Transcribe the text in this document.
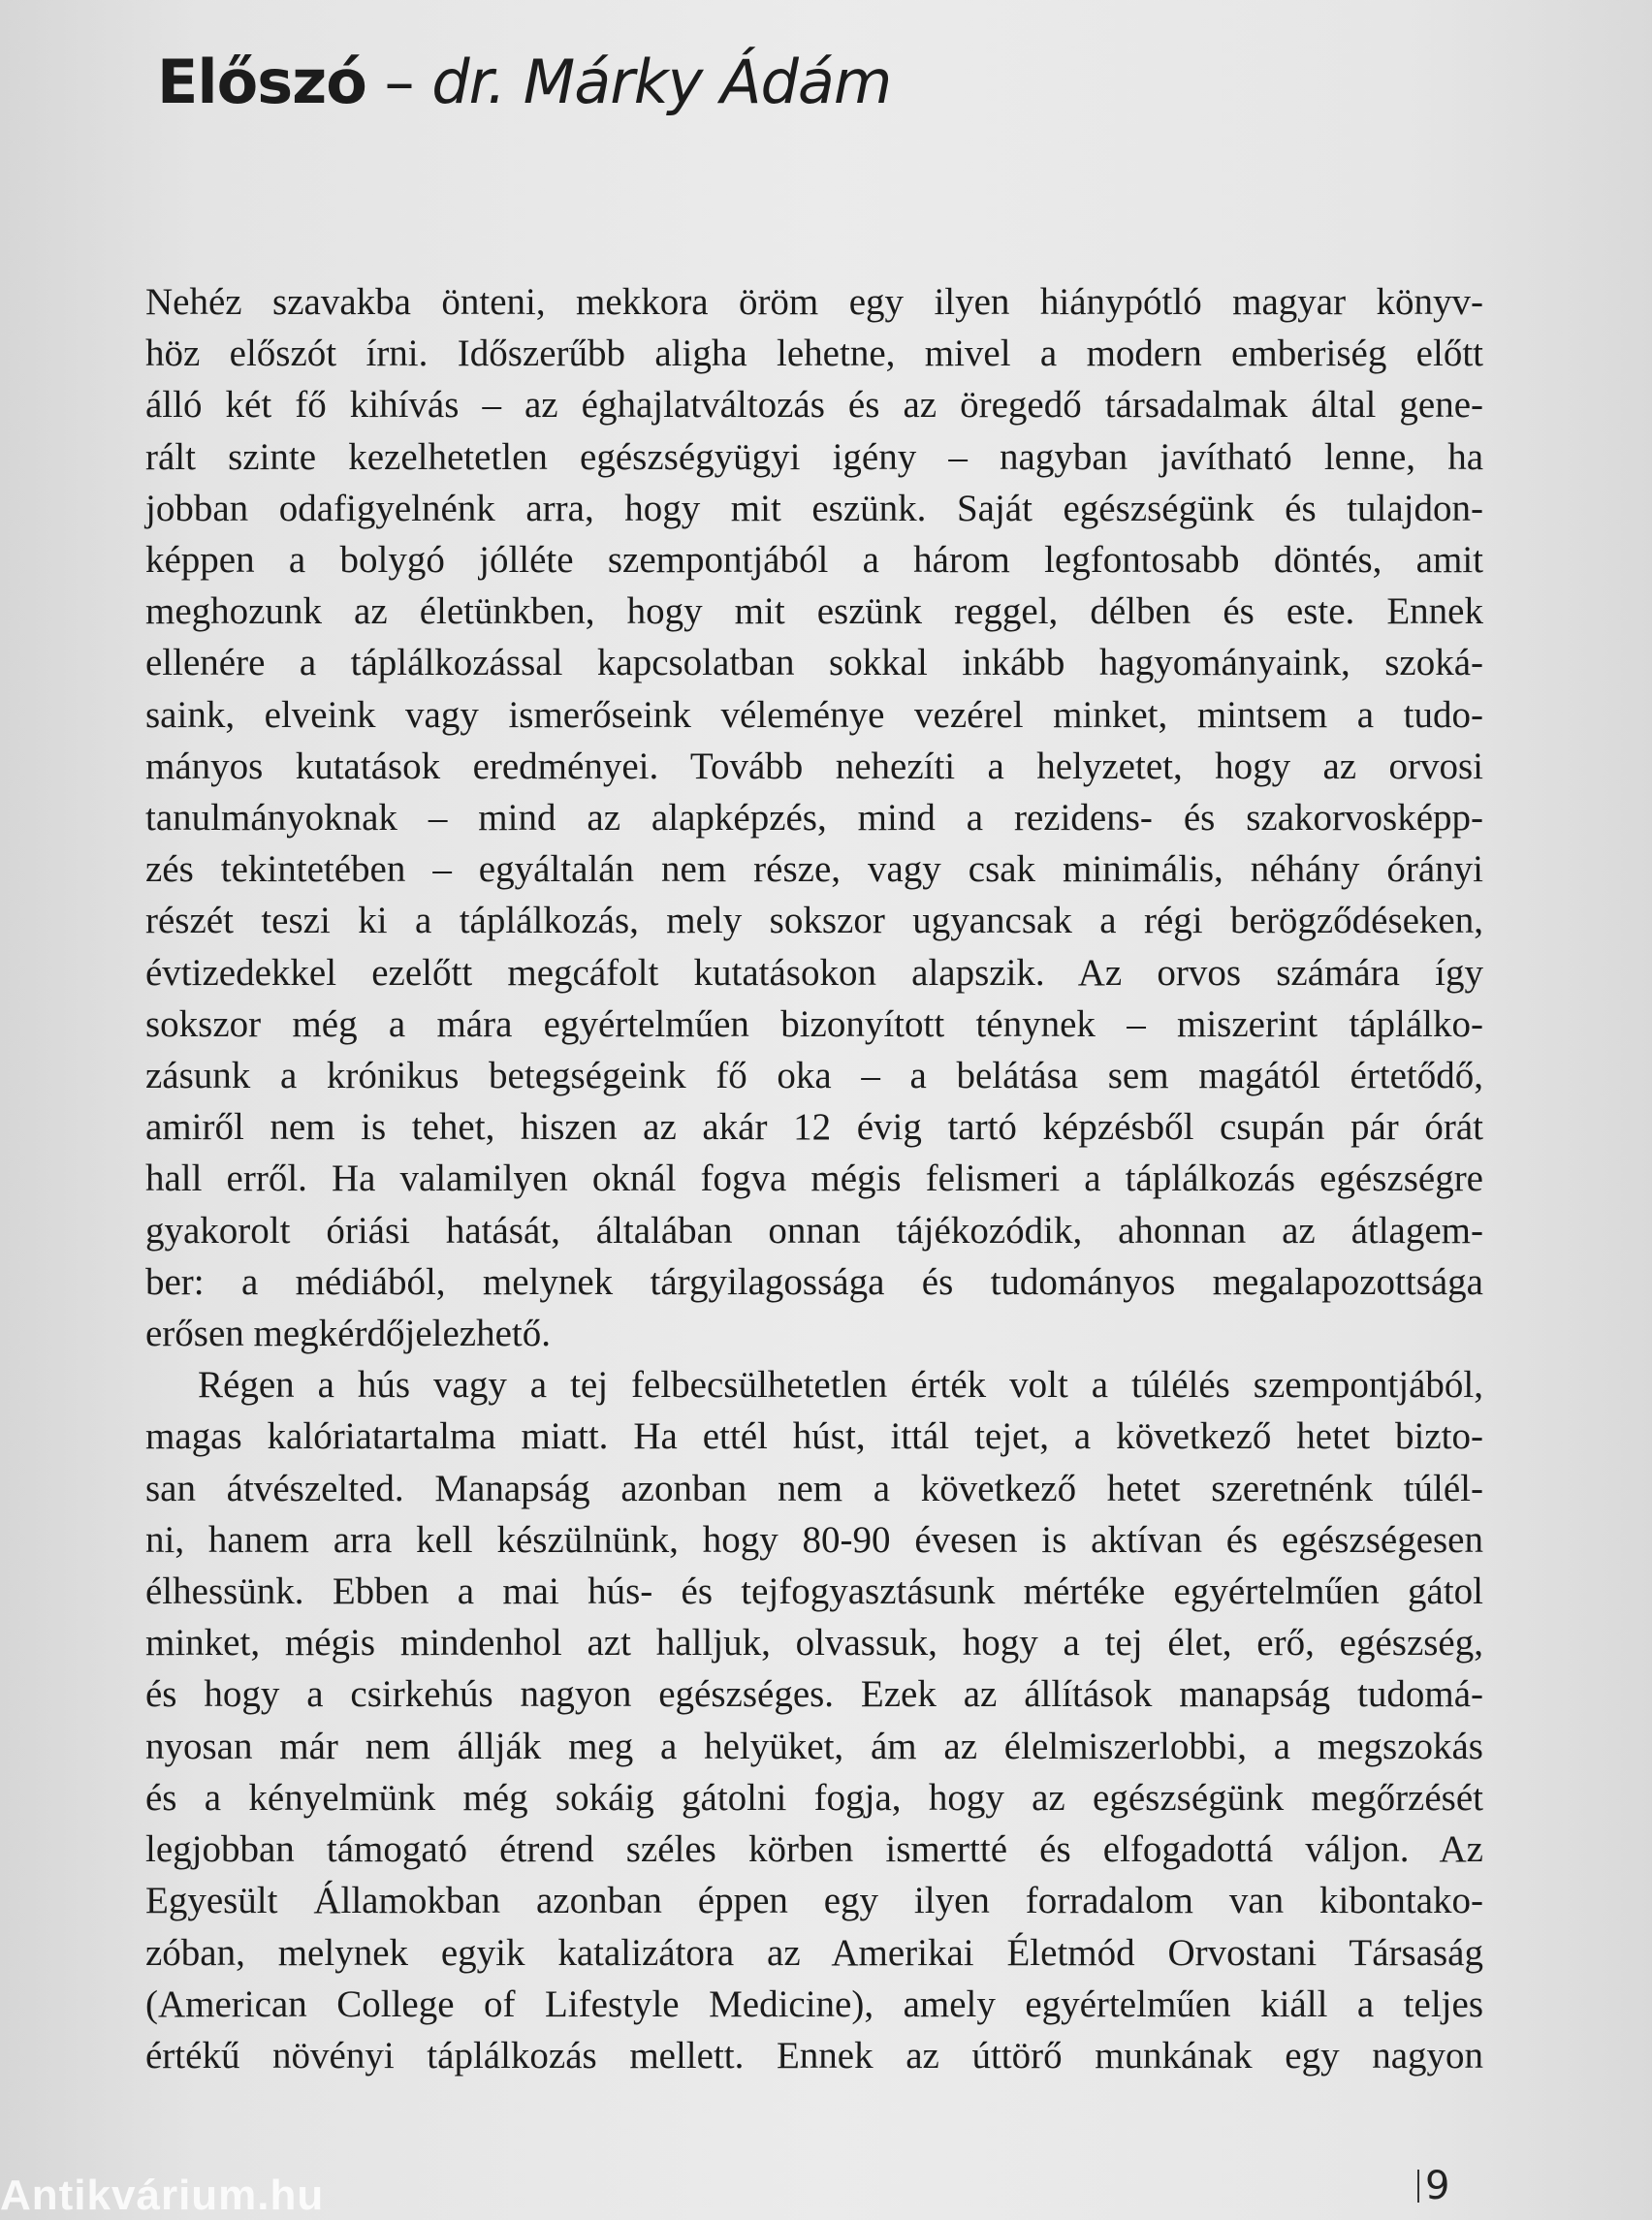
Előszó – dr. Márky Ádám
Nehéz szavakba önteni, mekkora öröm egy ilyen hiánypótló magyar könyv-
höz előszót írni. Időszerűbb aligha lehetne, mivel a modern emberiség előtt
álló két fő kihívás – az éghajlatváltozás és az öregedő társadalmak által gene-
rált szinte kezelhetetlen egészségyügyi igény – nagyban javítható lenne, ha
jobban odafigyelnénk arra, hogy mit eszünk. Saját egészségünk és tulajdon-
képpen a bolygó jólléte szempontjából a három legfontosabb döntés, amit
meghozunk az életünkben, hogy mit eszünk reggel, délben és este. Ennek
ellenére a táplálkozással kapcsolatban sokkal inkább hagyományaink, szoká-
saink, elveink vagy ismerőseink véleménye vezérel minket, mintsem a tudo-
mányos kutatások eredményei. Tovább nehezíti a helyzetet, hogy az orvosi
tanulmányoknak – mind az alapképzés, mind a rezidens- és szakorvosképp-
zés tekintetében – egyáltalán nem része, vagy csak minimális, néhány órányi
részét teszi ki a táplálkozás, mely sokszor ugyancsak a régi berögződéseken,
évtizedekkel ezelőtt megcáfolt kutatásokon alapszik. Az orvos számára így
sokszor még a mára egyértelműen bizonyított ténynek – miszerint táplálko-
zásunk a krónikus betegségeink fő oka – a belátása sem magától értetődő,
amiről nem is tehet, hiszen az akár 12 évig tartó képzésből csupán pár órát
hall erről. Ha valamilyen oknál fogva mégis felismeri a táplálkozás egészségre
gyakorolt óriási hatását, általában onnan tájékozódik, ahonnan az átlagem-
ber: a médiából, melynek tárgyilagossága és tudományos megalapozottsága
erősen megkérdőjelezhető.
Régen a hús vagy a tej felbecsülhetetlen érték volt a túlélés szempontjából,
magas kalóriatartalma miatt. Ha ettél húst, ittál tejet, a következő hetet bizto-
san átvészelted. Manapság azonban nem a következő hetet szeretnénk túlél-
ni, hanem arra kell készülnünk, hogy 80-90 évesen is aktívan és egészségesen
élhessünk. Ebben a mai hús- és tejfogyasztásunk mértéke egyértelműen gátol
minket, mégis mindenhol azt halljuk, olvassuk, hogy a tej élet, erő, egészség,
és hogy a csirkehús nagyon egészséges. Ezek az állítások manapság tudomá-
nyosan már nem állják meg a helyüket, ám az élelmiszerlobbi, a megszokás
és a kényelmünk még sokáig gátolni fogja, hogy az egészségünk megőrzését
legjobban támogató étrend széles körben ismertté és elfogadottá váljon. Az
Egyesült Államokban azonban éppen egy ilyen forradalom van kibontako-
zóban, melynek egyik katalizátora az Amerikai Életmód Orvostani Társaság
(American College of Lifestyle Medicine), amely egyértelműen kiáll a teljes
értékű növényi táplálkozás mellett. Ennek az úttörő munkának egy nagyon
9
Antikvárium.hu
